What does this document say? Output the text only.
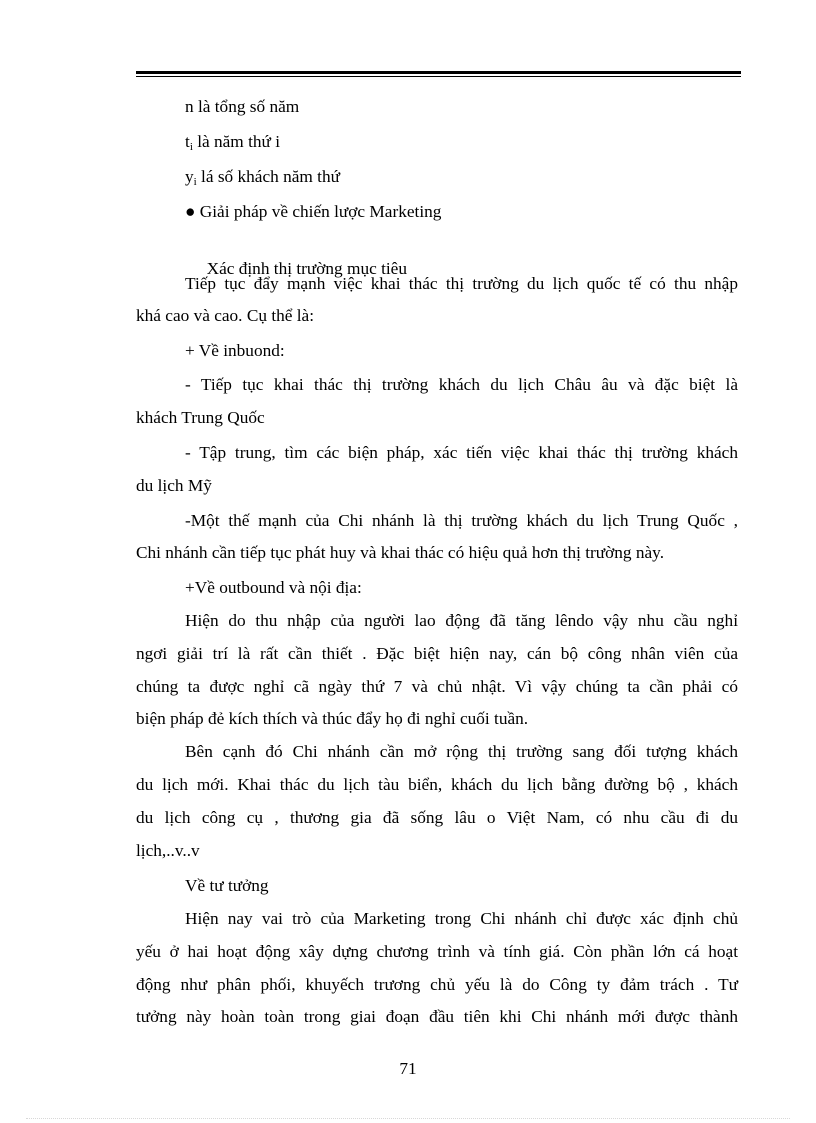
n là tổng số năm
$t_i$ là năm thứ i
$y_i$ lá số khách năm thứ
● Giải pháp về chiến lược Marketing

Xác định thị trường mục tiêu

Tiếp tục đẩy mạnh việc khai thác thị trường du lịch quốc tế có thu nhập
khá cao và cao. Cụ thể là:
+ Về inbuond:
- Tiếp tục khai thác thị trường khách du lịch Châu âu và đặc biệt là
khách Trung Quốc
- Tập trung, tìm các biện pháp, xác tiến việc khai thác thị trường khách
du lịch Mỹ
-Một thế mạnh của Chi nhánh là thị trường khách du lịch Trung Quốc ,
Chi nhánh cần tiếp tục phát huy và khai thác có hiệu quả hơn thị trường này.
+Về outbound và nội địa:
Hiện do thu nhập của người lao động đã tăng lêndo vậy nhu cầu nghỉ
ngơi giải trí là rất cần thiết . Đặc biệt hiện nay, cán bộ công nhân viên của
chúng ta được nghỉ cã ngày thứ 7 và chủ nhật. Vì vậy chúng ta cần phải có
biện pháp đẻ kích thích và thúc đẩy họ đi nghỉ cuối tuần.
Bên cạnh đó Chi nhánh cần mở rộng thị trường sang đối tượng khách
du lịch mới. Khai thác du lịch tàu biển, khách du lịch bằng đường bộ , khách
du lịch công cụ , thương gia đã sống lâu o Việt Nam, có nhu cầu đi du
lịch,..v..v
Về tư tưởng
Hiện nay vai trò của Marketing trong Chi nhánh chỉ được xác định chủ
yếu ở hai hoạt động xây dựng chương trình và tính giá. Còn phần lớn cá hoạt
động như phân phối, khuyếch trương chủ yếu là do Công ty đảm trách . Tư
tưởng này hoàn toàn trong giai đoạn đầu tiên khi Chi nhánh mới được thành
71
